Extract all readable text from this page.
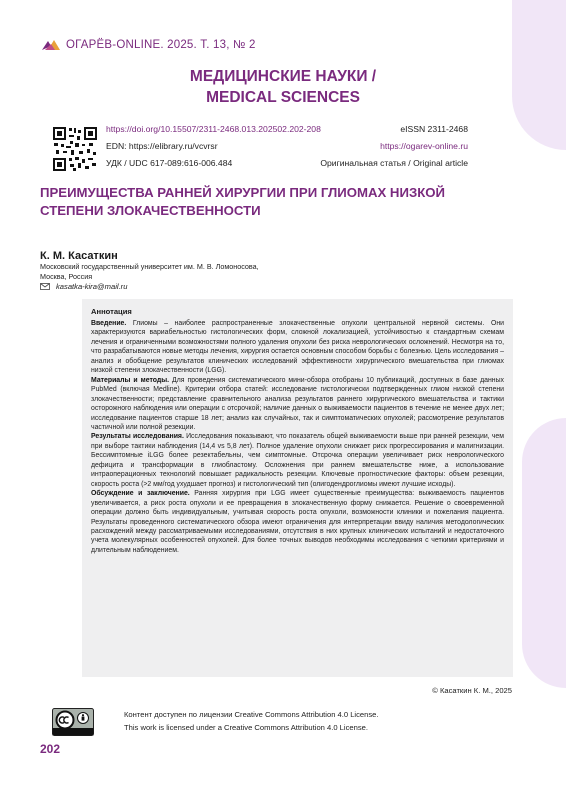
ОГАРЁВ-ONLINE. 2025. Т. 13, № 2
МЕДИЦИНСКИЕ НАУКИ /
MEDICAL SCIENCES
https://doi.org/10.15507/2311-2468.013.202502.202-208	eISSN 2311-2468
EDN: https://elibrary.ru/vcvrsr	https://ogarev-online.ru
УДК / UDC 617-089:616-006.484	Оригинальная статья / Original article
ПРЕИМУЩЕСТВА РАННЕЙ ХИРУРГИИ ПРИ ГЛИОМАХ НИЗКОЙ
СТЕПЕНИ ЗЛОКАЧЕСТВЕННОСТИ
К. М. Касаткин
Московский государственный университет им. М. В. Ломоносова,
Москва, Россия
kasatka-kira@mail.ru
Аннотация

Введение. Глиомы – наиболее распространенные злокачественные опухоли центральной нервной системы. Они характеризуются вариабельностью гистологических форм, сложной локализацией, устойчивостью к стандартным схемам лечения и ограниченными возможностями полного удаления опухоли без риска неврологических осложнений. Несмотря на то, что разрабатываются новые методы лечения, хирургия остается основным способом борьбы с болезнью. Цель исследования – анализ и обобщение результатов клинических исследований эффективности хирургического вмешательства при глиомах низкой степени злокачественности (LGG).

Материалы и методы. Для проведения систематического мини-обзора отобраны 10 публикаций, доступных в базе данных PubMed (включая Medline). Критерии отбора статей: исследование гистологически подтвержденных глиом низкой степени злокачественности; представление сравнительного анализа результатов раннего хирургического вмешательства и тактики осторожного наблюдения или операции с отсрочкой; наличие данных о выживаемости пациентов в течение не менее двух лет; исследование пациентов старше 18 лет; анализ как случайных, так и симптоматических опухолей; рассмотрение результатов частичной или полной резекции.

Результаты исследования. Исследования показывают, что показатель общей выживаемости выше при ранней резекции, чем при выборе тактики наблюдения (14,4 vs 5,8 лет). Полное удаление опухоли снижает риск прогрессирования и малигнизации. Бессимптомные iLGG более резектабельны, чем симптомные. Отсрочка операции увеличивает риск неврологического дефицита и трансформации в глиобластому. Осложнения при раннем вмешательстве ниже, а использование интраоперационных технологий повышает радикальность резекции. Ключевые прогностические факторы: объем резекции, скорость роста (>2 мм/год ухудшает прогноз) и гистологический тип (олигодендроглиомы имеют лучшие исходы).

Обсуждение и заключение. Ранняя хирургия при LGG имеет существенные преимущества: выживаемость пациентов увеличивается, а риск роста опухоли и ее превращения в злокачественную форму снижается. Решение о своевременной операции должно быть индивидуальным, учитывая скорость роста опухоли, возможности клиники и пожелания пациента. Результаты проведенного систематического обзора имеют ограничения для интерпретации ввиду наличия методологических расхождений между рассматриваемыми исследованиями, отсутствия в них крупных клинических испытаний и недостаточного учета молекулярных особенностей опухолей. Для более точных выводов необходимы исследования с четкими критериями и длительным наблюдением.

© Касаткин К. М., 2025
Контент доступен по лицензии Creative Commons Attribution 4.0 License.
This work is licensed under a Creative Commons Attribution 4.0 License.
202
